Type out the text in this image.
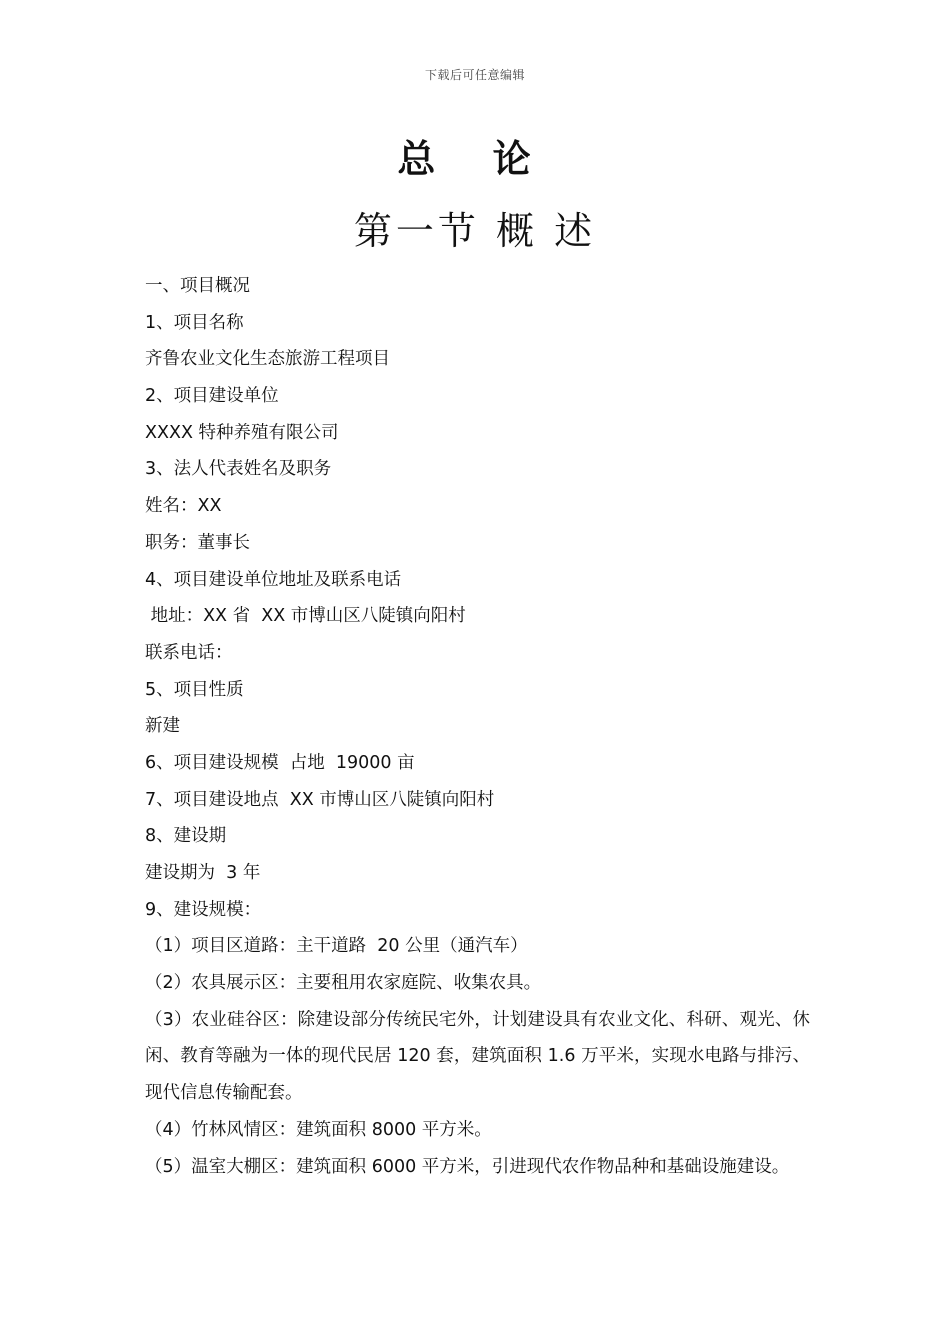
下载后可任意编辑
总 论
第一节 概 述
一、项目概况
1、项目名称
齐鲁农业文化生态旅游工程项目
2、项目建设单位
XXXX 特种养殖有限公司
3、法人代表姓名及职务
姓名：XX
职务：董事长
4、项目建设单位地址及联系电话
地址：XX 省  XX 市博山区八陡镇向阳村
联系电话：
5、项目性质
新建
6、项目建设规模  占地  19000 亩
7、项目建设地点  XX 市博山区八陡镇向阳村
8、建设期
建设期为  3 年
9、建设规模：
（1）项目区道路：主干道路  20 公里（通汽车）
（2）农具展示区：主要租用农家庭院、收集农具。
（3）农业硅谷区：除建设部分传统民宅外，计划建设具有农业文化、科研、观光、休闲、教育等融为一体的现代民居 120 套，建筑面积 1.6 万平米，实现水电路与排污、现代信息传输配套。
（4）竹林风情区：建筑面积 8000 平方米。
（5）温室大棚区：建筑面积 6000 平方米，引进现代农作物品种和基础设施建设。
